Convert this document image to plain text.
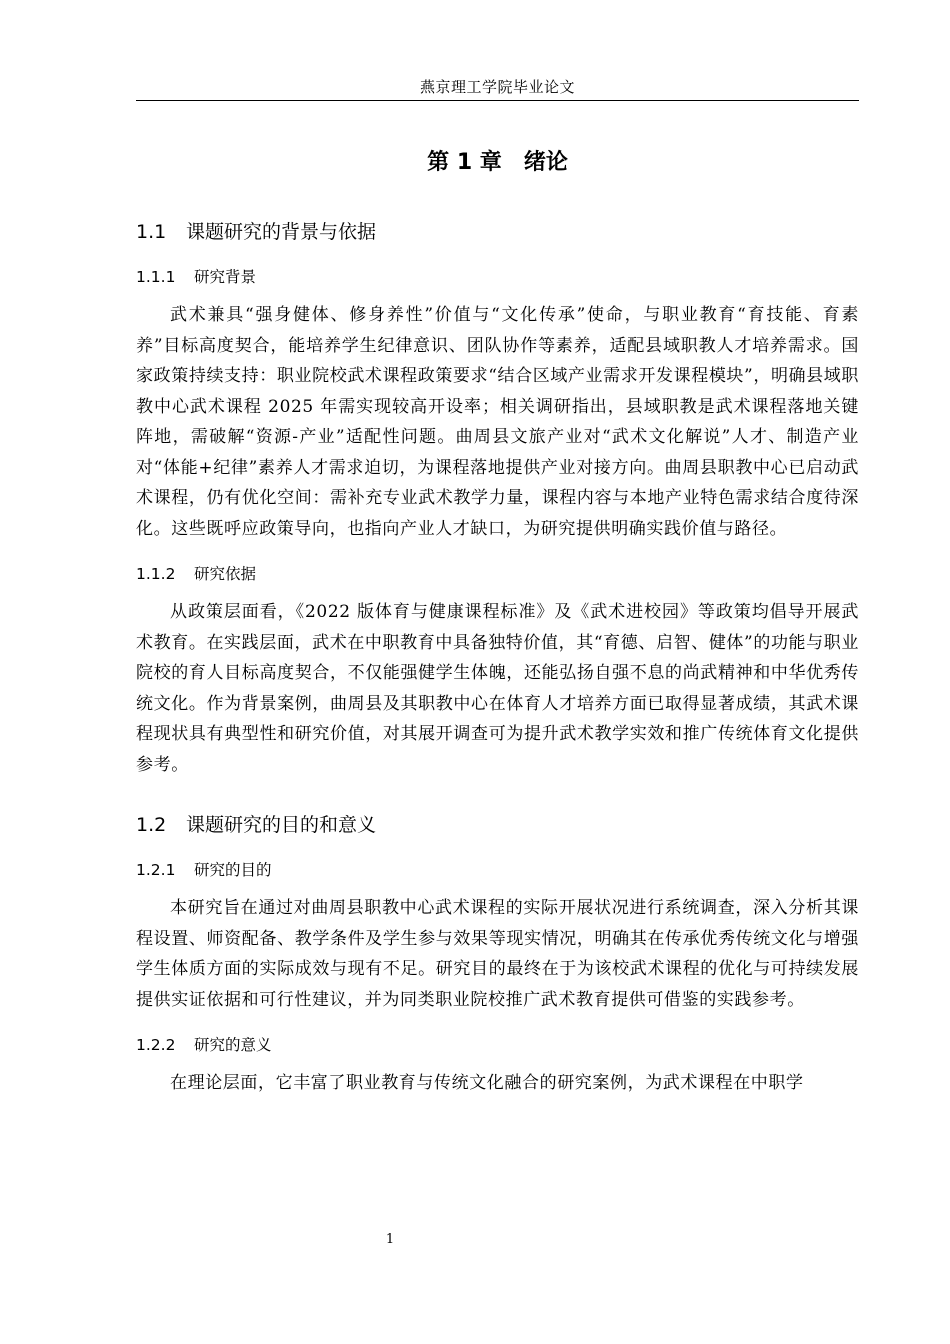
燕京理工学院毕业论文
第 1 章 绪论
1.1 课题研究的背景与依据
1.1.1 研究背景

武术兼具“强身健体、修身养性”价值与“文化传承”使命，与职业教育“育技能、育素养”目标高度契合，能培养学生纪律意识、团队协作等素养，适配县域职教人才培养需求。国家政策持续支持：职业院校武术课程政策要求“结合区域产业需求开发课程模块”，明确县域职教中心武术课程 2025 年需实现较高开设率；相关调研指出，县域职教是武术课程落地关键阵地，需破解“资源-产业”适配性问题。曲周县文旅产业对“武术文化解说”人才、制造产业对“体能+纪律”素养人才需求迫切，为课程落地提供产业对接方向。曲周县职教中心已启动武术课程，仍有优化空间：需补充专业武术教学力量，课程内容与本地产业特色需求结合度待深化。这些既呼应政策导向，也指向产业人才缺口，为研究提供明确实践价值与路径。

1.1.2 研究依据

从政策层面看，《2022 版体育与健康课程标准》及《武术进校园》等政策均倡导开展武术教育。在实践层面，武术在中职教育中具备独特价值，其“育德、启智、健体”的功能与职业院校的育人目标高度契合，不仅能强健学生体魄，还能弘扬自强不息的尚武精神和中华优秀传统文化。作为背景案例，曲周县及其职教中心在体育人才培养方面已取得显著成绩，其武术课程现状具有典型性和研究价值，对其展开调查可为提升武术教学实效和推广传统体育文化提供参考。

1.2 课题研究的目的和意义
1.2.1 研究的目的

本研究旨在通过对曲周县职教中心武术课程的实际开展状况进行系统调查，深入分析其课程设置、师资配备、教学条件及学生参与效果等现实情况，明确其在传承优秀传统文化与增强学生体质方面的实际成效与现有不足。研究目的最终在于为该校武术课程的优化与可持续发展提供实证依据和可行性建议，并为同类职业院校推广武术教育提供可借鉴的实践参考。

1.2.2 研究的意义

在理论层面，它丰富了职业教育与传统文化融合的研究案例，为武术课程在中职学

1
